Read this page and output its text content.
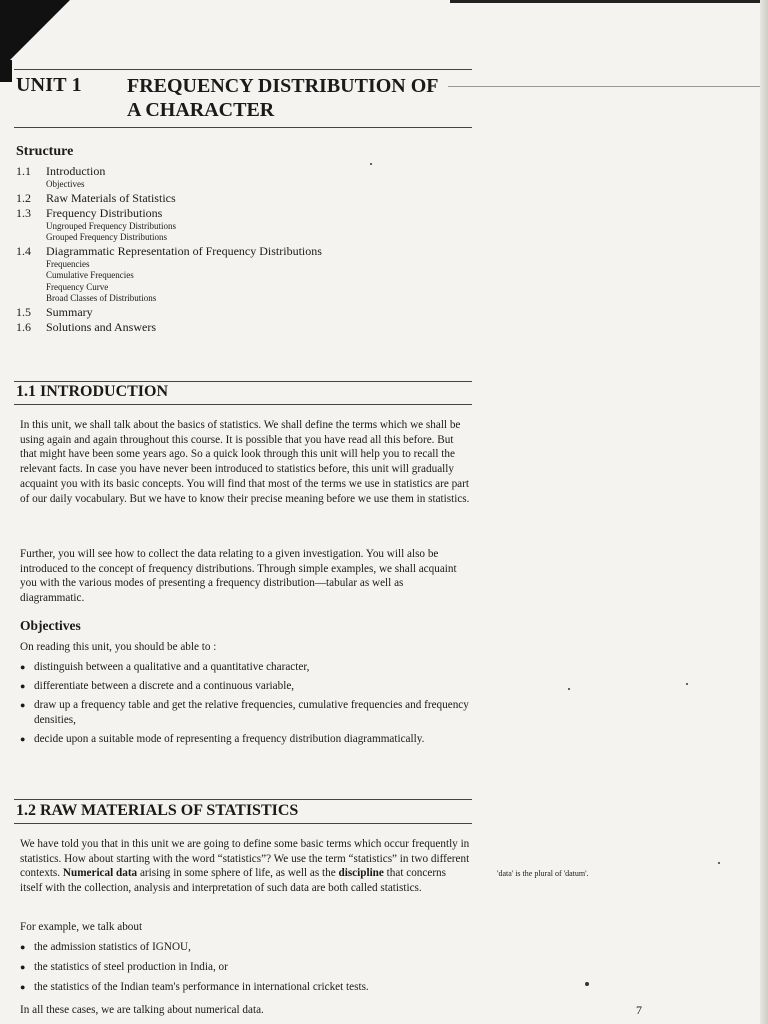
UNIT 1 FREQUENCY DISTRIBUTION OF
A CHARACTER
Structure
1.1	Introduction
Objectives
1.2	Raw Materials of Statistics
1.3	Frequency Distributions
Ungrouped Frequency Distributions
Grouped Frequency Distributions
1.4	Diagrammatic Representation of Frequency Distributions
Frequencies
Cumulative Frequencies
Frequency Curve
Broad Classes of Distributions
1.5	Summary
1.6	Solutions and Answers
1.1 INTRODUCTION

In this unit, we shall talk about the basics of statistics. We shall define the terms which we shall be using again and again throughout this course. It is possible that you have read all this before. But that might have been some years ago. So a quick look through this unit will help you to recall the relevant facts. In case you have never been introduced to statistics before, this unit will gradually acquaint you with its basic concepts. You will find that most of the terms we use in statistics are part of our daily vocabulary. But we have to know their precise meaning before we use them in statistics.

Further, you will see how to collect the data relating to a given investigation. You will also be introduced to the concept of frequency distributions. Through simple examples, we shall acquaint you with the various modes of presenting a frequency distribution—tabular as well as diagrammatic.

Objectives

On reading this unit, you should be able to :

● distinguish between a qualitative and a quantitative character,
● differentiate between a discrete and a continuous variable,
● draw up a frequency table and get the relative frequencies, cumulative frequencies and frequency densities,
● decide upon a suitable mode of representing a frequency distribution diagrammatically.
1.2 RAW MATERIALS OF STATISTICS

We have told you that in this unit we are going to define some basic terms which occur frequently in statistics. How about starting with the word “statistics”? We use the term “statistics” in two different contexts. Numerical data arising in some sphere of life, as well as the discipline that concerns itself with the collection, analysis and interpretation of such data are both called statistics.

For example, we talk about

● the admission statistics of IGNOU,
● the statistics of steel production in India, or
● the statistics of the Indian team's performance in international cricket tests.

In all these cases, we are talking about numerical data.

'data' is the plural of 'datum'.
7
